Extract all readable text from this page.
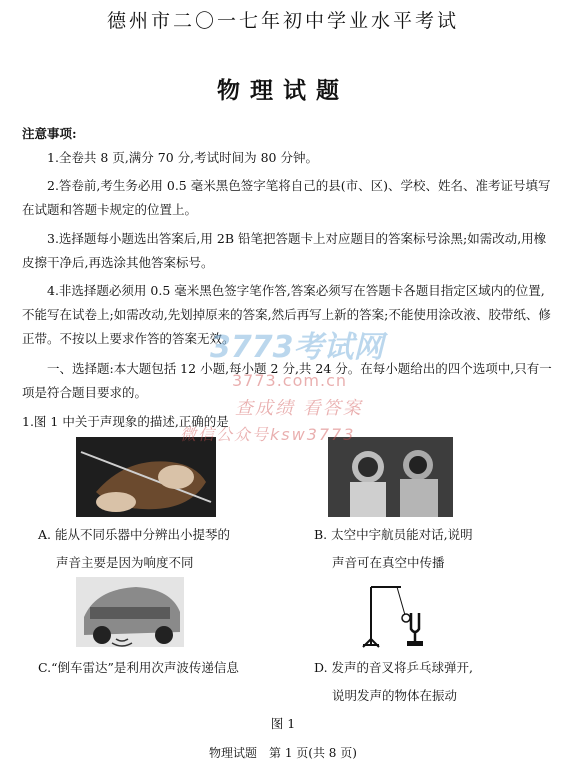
德州市二〇一七年初中学业水平考试
物理试题
注意事项:
1.全卷共 8 页,满分 70 分,考试时间为 80 分钟。
2.答卷前,考生务必用 0.5 毫米黑色签字笔将自己的县(市、区)、学校、姓名、准考证号填写在试题和答题卡规定的位置上。
3.选择题每小题选出答案后,用 2B 铅笔把答题卡上对应题目的答案标号涂黑;如需改动,用橡皮擦干净后,再选涂其他答案标号。
4.非选择题必须用 0.5 毫米黑色签字笔作答,答案必须写在答题卡各题目指定区域内的位置,不能写在试卷上;如需改动,先划掉原来的答案,然后再写上新的答案;不能使用涂改液、胶带纸、修正带。不按以上要求作答的答案无效。
一、选择题:本大题包括 12 小题,每小题 2 分,共 24 分。在每小题给出的四个选项中,只有一项是符合题目要求的。
1.图 1 中关于声现象的描述,正确的是
A. 能从不同乐器中分辨出小提琴的
声音主要是因为响度不同
B. 太空中宇航员能对话,说明
声音可在真空中传播
C.“倒车雷达”是利用次声波传递信息	D. 发声的音叉将乒乓球弹开,
说明发声的物体在振动
图 1
物理试题　第 1 页(共 8 页)
3773考试网
3773.com.cn
查成绩 看答案
微信公众号ksw3773
